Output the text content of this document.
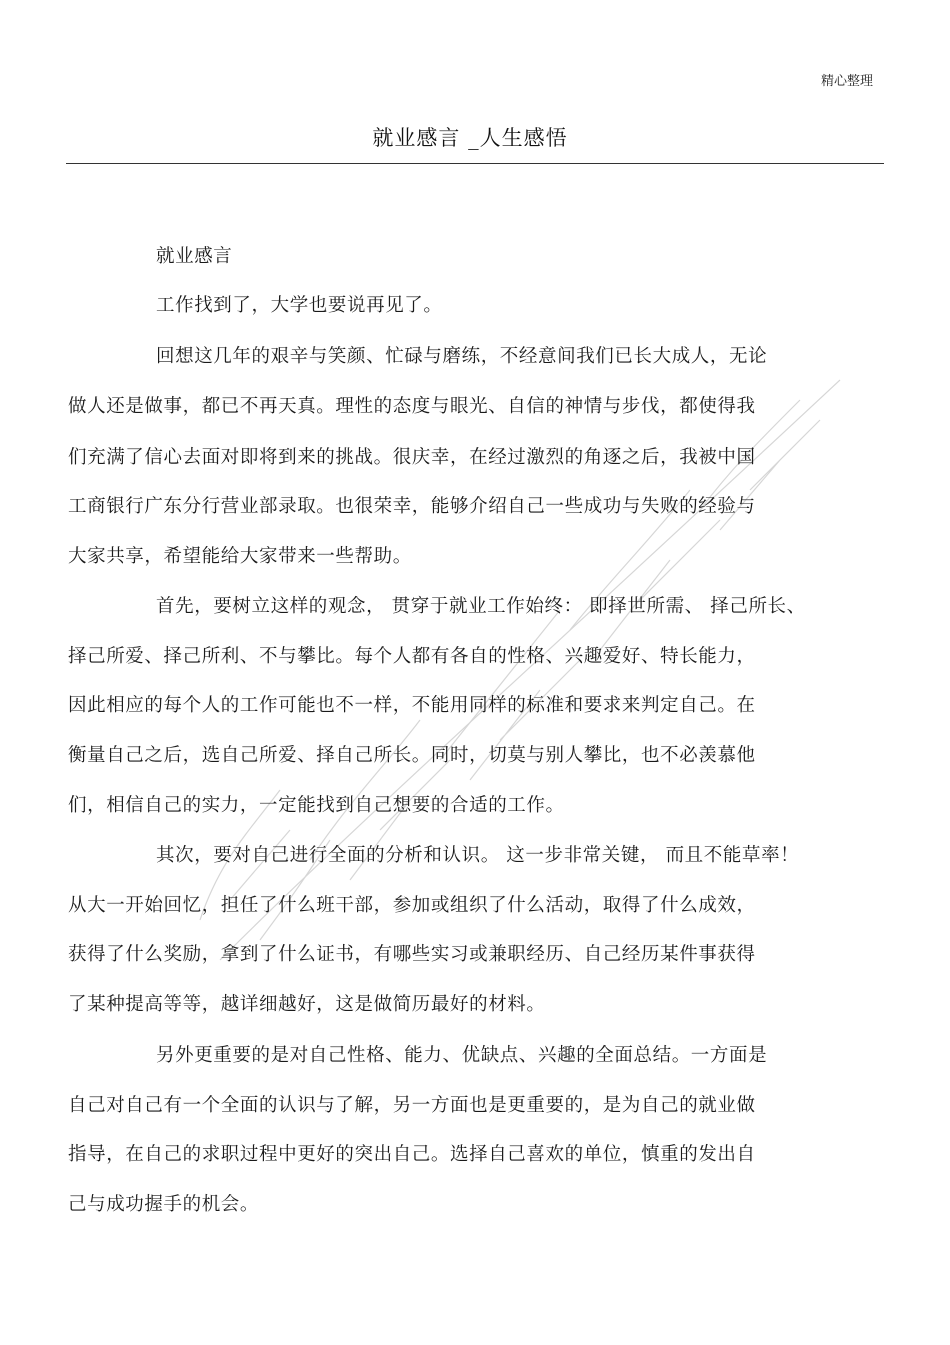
精心整理
就业感言 _人生感悟
就业感言
工作找到了，大学也要说再见了。
回想这几年的艰辛与笑颜、忙碌与磨练，不经意间我们已长大成人，无论
做人还是做事，都已不再天真。理性的态度与眼光、自信的神情与步伐，都使得我
们充满了信心去面对即将到来的挑战。很庆幸，在经过激烈的角逐之后，我被中国
工商银行广东分行营业部录取。也很荣幸，能够介绍自己一些成功与失败的经验与
大家共享，希望能给大家带来一些帮助。
首先，要树立这样的观念， 贯穿于就业工作始终： 即择世所需、 择己所长、
择己所爱、择己所利、不与攀比。每个人都有各自的性格、兴趣爱好、特长能力，
因此相应的每个人的工作可能也不一样，不能用同样的标准和要求来判定自己。在
衡量自己之后，选自己所爱、择自己所长。同时，切莫与别人攀比，也不必羡慕他
们，相信自己的实力，一定能找到自己想要的合适的工作。
其次，要对自己进行全面的分析和认识。 这一步非常关键， 而且不能草率！
从大一开始回忆，担任了什么班干部，参加或组织了什么活动，取得了什么成效，
获得了什么奖励，拿到了什么证书，有哪些实习或兼职经历、自己经历某件事获得
了某种提高等等，越详细越好，这是做简历最好的材料。
另外更重要的是对自己性格、能力、优缺点、兴趣的全面总结。一方面是
自己对自己有一个全面的认识与了解，另一方面也是更重要的，是为自己的就业做
指导，在自己的求职过程中更好的突出自己。选择自己喜欢的单位，慎重的发出自
己与成功握手的机会。
